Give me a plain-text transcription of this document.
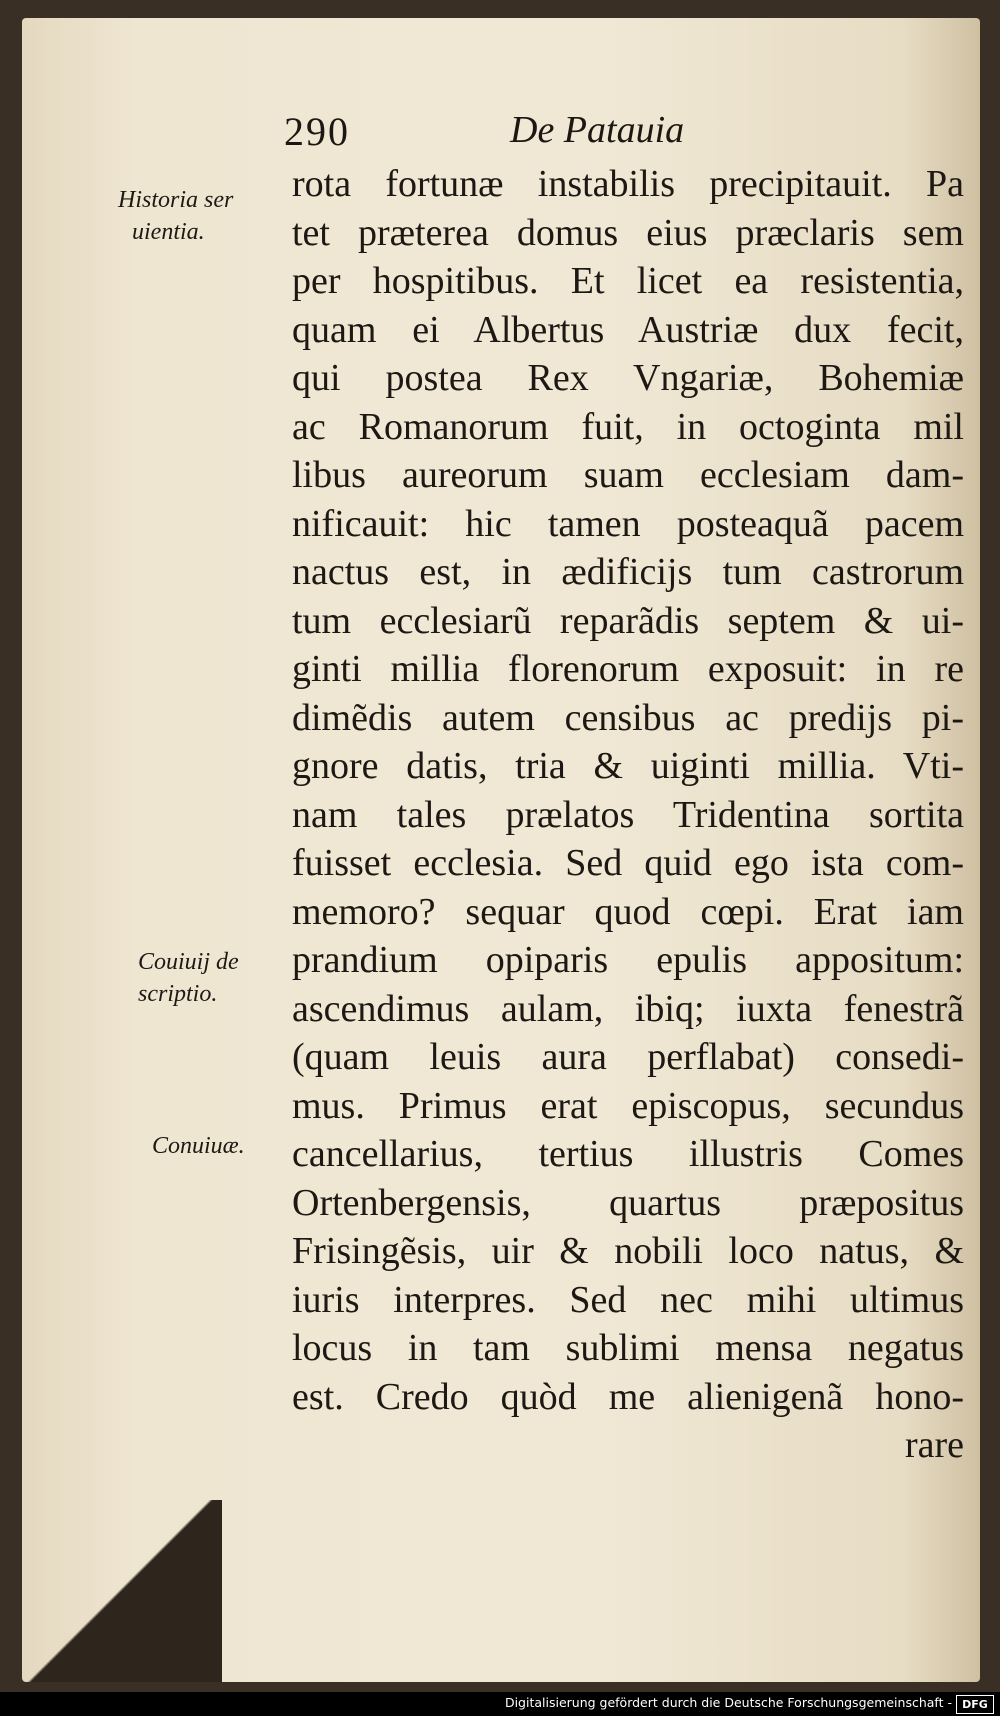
290	De Patauia
Historia ser
uientia.
Couiuij de
scriptio.
Conuiuæ.
rota fortunæ instabilis precipitauit. Pa
tet præterea domus eius præclaris sem
per hospitibus. Et licet ea resistentia,
quam ei Albertus Austriæ dux fecit,
qui postea Rex Vngariæ, Bohemiæ
ac Romanorum fuit, in octoginta mil
libus aureorum suam ecclesiam dam-
nificauit: hic tamen posteaquã pacem
nactus est, in ædificijs tum castrorum
tum ecclesiarũ reparãdis septem & ui-
ginti millia florenorum exposuit: in re
dimẽdis autem censibus ac predijs pi-
gnore datis, tria & uiginti millia. Vti-
nam tales prælatos Tridentina sortita
fuisset ecclesia. Sed quid ego ista com-
memoro? sequar quod cœpi. Erat iam
prandium opiparis epulis appositum:
ascendimus aulam, ibiq; iuxta fenestrã
(quam leuis aura perflabat) consedi-
mus. Primus erat episcopus, secundus
cancellarius, tertius illustris Comes
Ortenbergensis, quartus præpositus
Frisingẽsis, uir & nobili loco natus, &
iuris interpres. Sed nec mihi ultimus
locus in tam sublimi mensa negatus
est. Credo quòd me alienigenã hono-
rare
Digitalisierung gefördert durch die Deutsche Forschungsgemeinschaft - DFG
